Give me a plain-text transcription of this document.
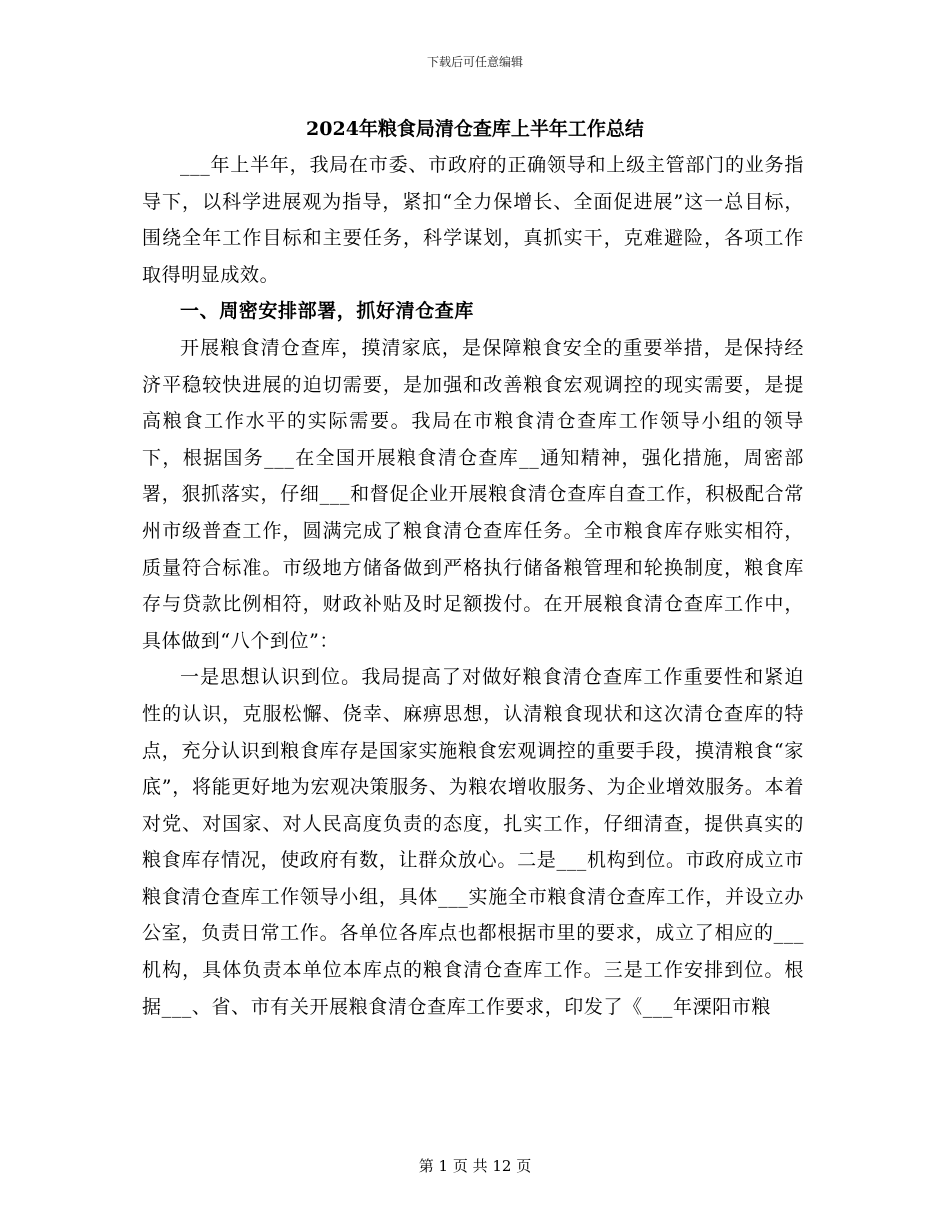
下载后可任意编辑
2024年粮食局清仓查库上半年工作总结

___年上半年，我局在市委、市政府的正确领导和上级主管部门的业务指导下，以科学进展观为指导，紧扣“全力保增长、全面促进展”这一总目标，围绕全年工作目标和主要任务，科学谋划，真抓实干，克难避险，各项工作取得明显成效。

一、周密安排部署，抓好清仓查库

开展粮食清仓查库，摸清家底，是保障粮食安全的重要举措，是保持经济平稳较快进展的迫切需要，是加强和改善粮食宏观调控的现实需要，是提高粮食工作水平的实际需要。我局在市粮食清仓查库工作领导小组的领导下，根据国务___在全国开展粮食清仓查库__通知精神，强化措施，周密部署，狠抓落实，仔细___和督促企业开展粮食清仓查库自查工作，积极配合常州市级普查工作，圆满完成了粮食清仓查库任务。全市粮食库存账实相符，质量符合标准。市级地方储备做到严格执行储备粮管理和轮换制度，粮食库存与贷款比例相符，财政补贴及时足额拨付。在开展粮食清仓查库工作中，具体做到“八个到位”：

一是思想认识到位。我局提高了对做好粮食清仓查库工作重要性和紧迫性的认识，克服松懈、侥幸、麻痹思想，认清粮食现状和这次清仓查库的特点，充分认识到粮食库存是国家实施粮食宏观调控的重要手段，摸清粮食“家底”，将能更好地为宏观决策服务、为粮农增收服务、为企业增效服务。本着对党、对国家、对人民高度负责的态度，扎实工作，仔细清查，提供真实的粮食库存情况，使政府有数，让群众放心。二是___机构到位。市政府成立市粮食清仓查库工作领导小组，具体___实施全市粮食清仓查库工作，并设立办公室，负责日常工作。各单位各库点也都根据市里的要求，成立了相应的___机构，具体负责本单位本库点的粮食清仓查库工作。三是工作安排到位。根据___、省、市有关开展粮食清仓查库工作要求，印发了《___年溧阳市粮

第 1 页 共 12 页
